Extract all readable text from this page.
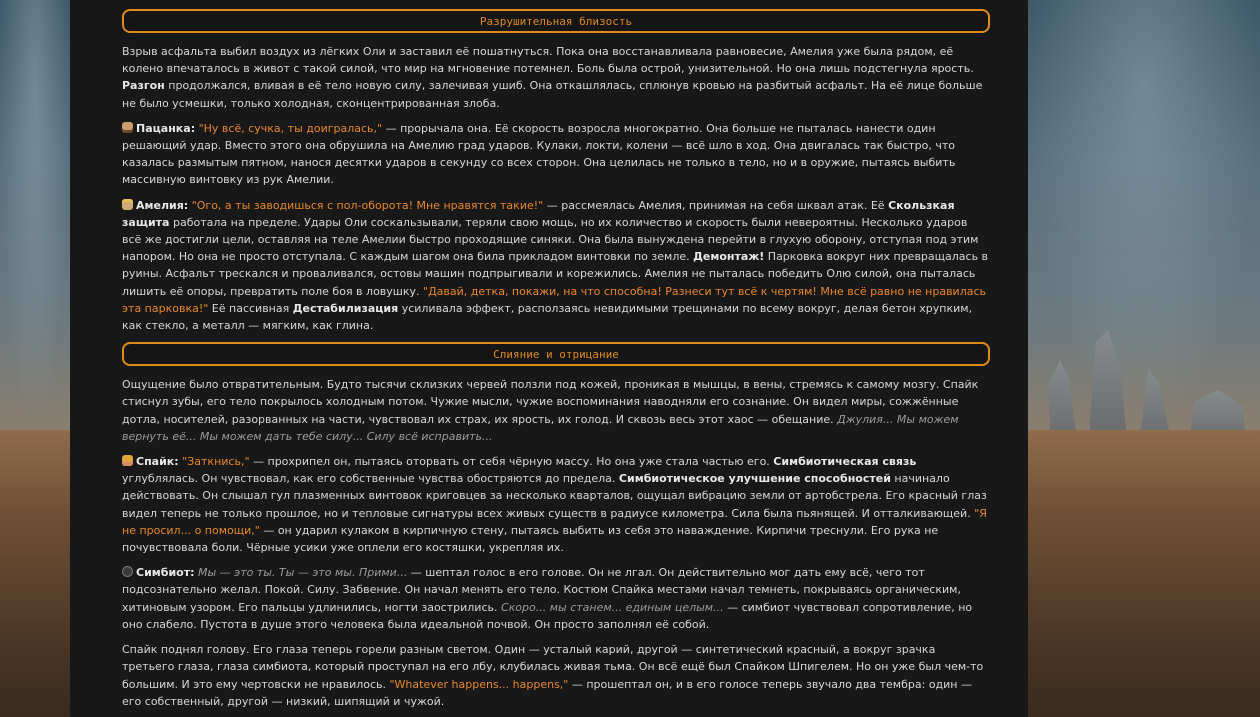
Разрушительная близость

Взрыв асфальта выбил воздух из лёгких Оли и заставил её пошатнуться. Пока она восстанавливала равновесие, Амелия уже была рядом, её колено впечаталось в живот с такой силой, что мир на мгновение потемнел. Боль была острой, унизительной. Но она лишь подстегнула ярость. Разгон продолжался, вливая в её тело новую силу, залечивая ушиб. Она откашлялась, сплюнув кровью на разбитый асфальт. На её лице больше не было усмешки, только холодная, сконцентрированная злоба.

Пацанка: "Ну всё, сучка, ты доигралась," — прорычала она. Её скорость возросла многократно. Она больше не пыталась нанести один решающий удар. Вместо этого она обрушила на Амелию град ударов. Кулаки, локти, колени — всё шло в ход. Она двигалась так быстро, что казалась размытым пятном, нанося десятки ударов в секунду со всех сторон. Она целилась не только в тело, но и в оружие, пытаясь выбить массивную винтовку из рук Амелии.

Амелия: "Ого, а ты заводишься с пол-оборота! Мне нравятся такие!" — рассмеялась Амелия, принимая на себя шквал атак. Её Скользкая защита работала на пределе. Удары Оли соскальзывали, теряли свою мощь, но их количество и скорость были невероятны. Несколько ударов всё же достигли цели, оставляя на теле Амелии быстро проходящие синяки. Она была вынуждена перейти в глухую оборону, отступая под этим напором. Но она не просто отступала. С каждым шагом она била прикладом винтовки по земле. Демонтаж! Парковка вокруг них превращалась в руины. Асфальт трескался и проваливался, остовы машин подпрыгивали и корежились. Амелия не пыталась победить Олю силой, она пыталась лишить её опоры, превратить поле боя в ловушку. "Давай, детка, покажи, на что способна! Разнеси тут всё к чертям! Мне всё равно не нравилась эта парковка!" Её пассивная Дестабилизация усиливала эффект, расползаясь невидимыми трещинами по всему вокруг, делая бетон хрупким, как стекло, а металл — мягким, как глина.

Слияние и отрицание

Ощущение было отвратительным. Будто тысячи склизких червей ползли под кожей, проникая в мышцы, в вены, стремясь к самому мозгу. Спайк стиснул зубы, его тело покрылось холодным потом. Чужие мысли, чужие воспоминания наводняли его сознание. Он видел миры, сожжённые дотла, носителей, разорванных на части, чувствовал их страх, их ярость, их голод. И сквозь весь этот хаос — обещание. Джулия... Мы можем вернуть её... Мы можем дать тебе силу... Силу всё исправить...

Спайк: "Заткнись," — прохрипел он, пытаясь оторвать от себя чёрную массу. Но она уже стала частью его. Симбиотическая связь углублялась. Он чувствовал, как его собственные чувства обостряются до предела. Симбиотическое улучшение способностей начинало действовать. Он слышал гул плазменных винтовок кригoвцев за несколько кварталов, ощущал вибрацию земли от артобстрела. Его красный глаз видел теперь не только прошлое, но и тепловые сигнатуры всех живых существ в радиусе километра. Сила была пьянящей. И отталкивающей. "Я не просил... о помощи," — он ударил кулаком в кирпичную стену, пытаясь выбить из себя это наваждение. Кирпичи треснули. Его рука не почувствовала боли. Чёрные усики уже оплели его костяшки, укрепляя их.

Симбиот: Мы — это ты. Ты — это мы. Прими... — шептал голос в его голове. Он не лгал. Он действительно мог дать ему всё, чего тот подсознательно желал. Покой. Силу. Забвение. Он начал менять его тело. Костюм Спайка местами начал темнеть, покрываясь органическим, хитиновым узором. Его пальцы удлинились, ногти заострились. Скоро... мы станем... единым целым... — симбиот чувствовал сопротивление, но оно слабело. Пустота в душе этого человека была идеальной почвой. Он просто заполнял её собой.

Спайк поднял голову. Его глаза теперь горели разным светом. Один — усталый карий, другой — синтетический красный, а вокруг зрачка третьего глаза, глаза симбиота, который проступал на его лбу, клубилась живая тьма. Он всё ещё был Спайком Шпигелем. Но он уже был чем-то большим. И это ему чертовски не нравилось. "Whatever happens... happens," — прошептал он, и в его голосе теперь звучало два тембра: один — его собственный, другой — низкий, шипящий и чужой.
